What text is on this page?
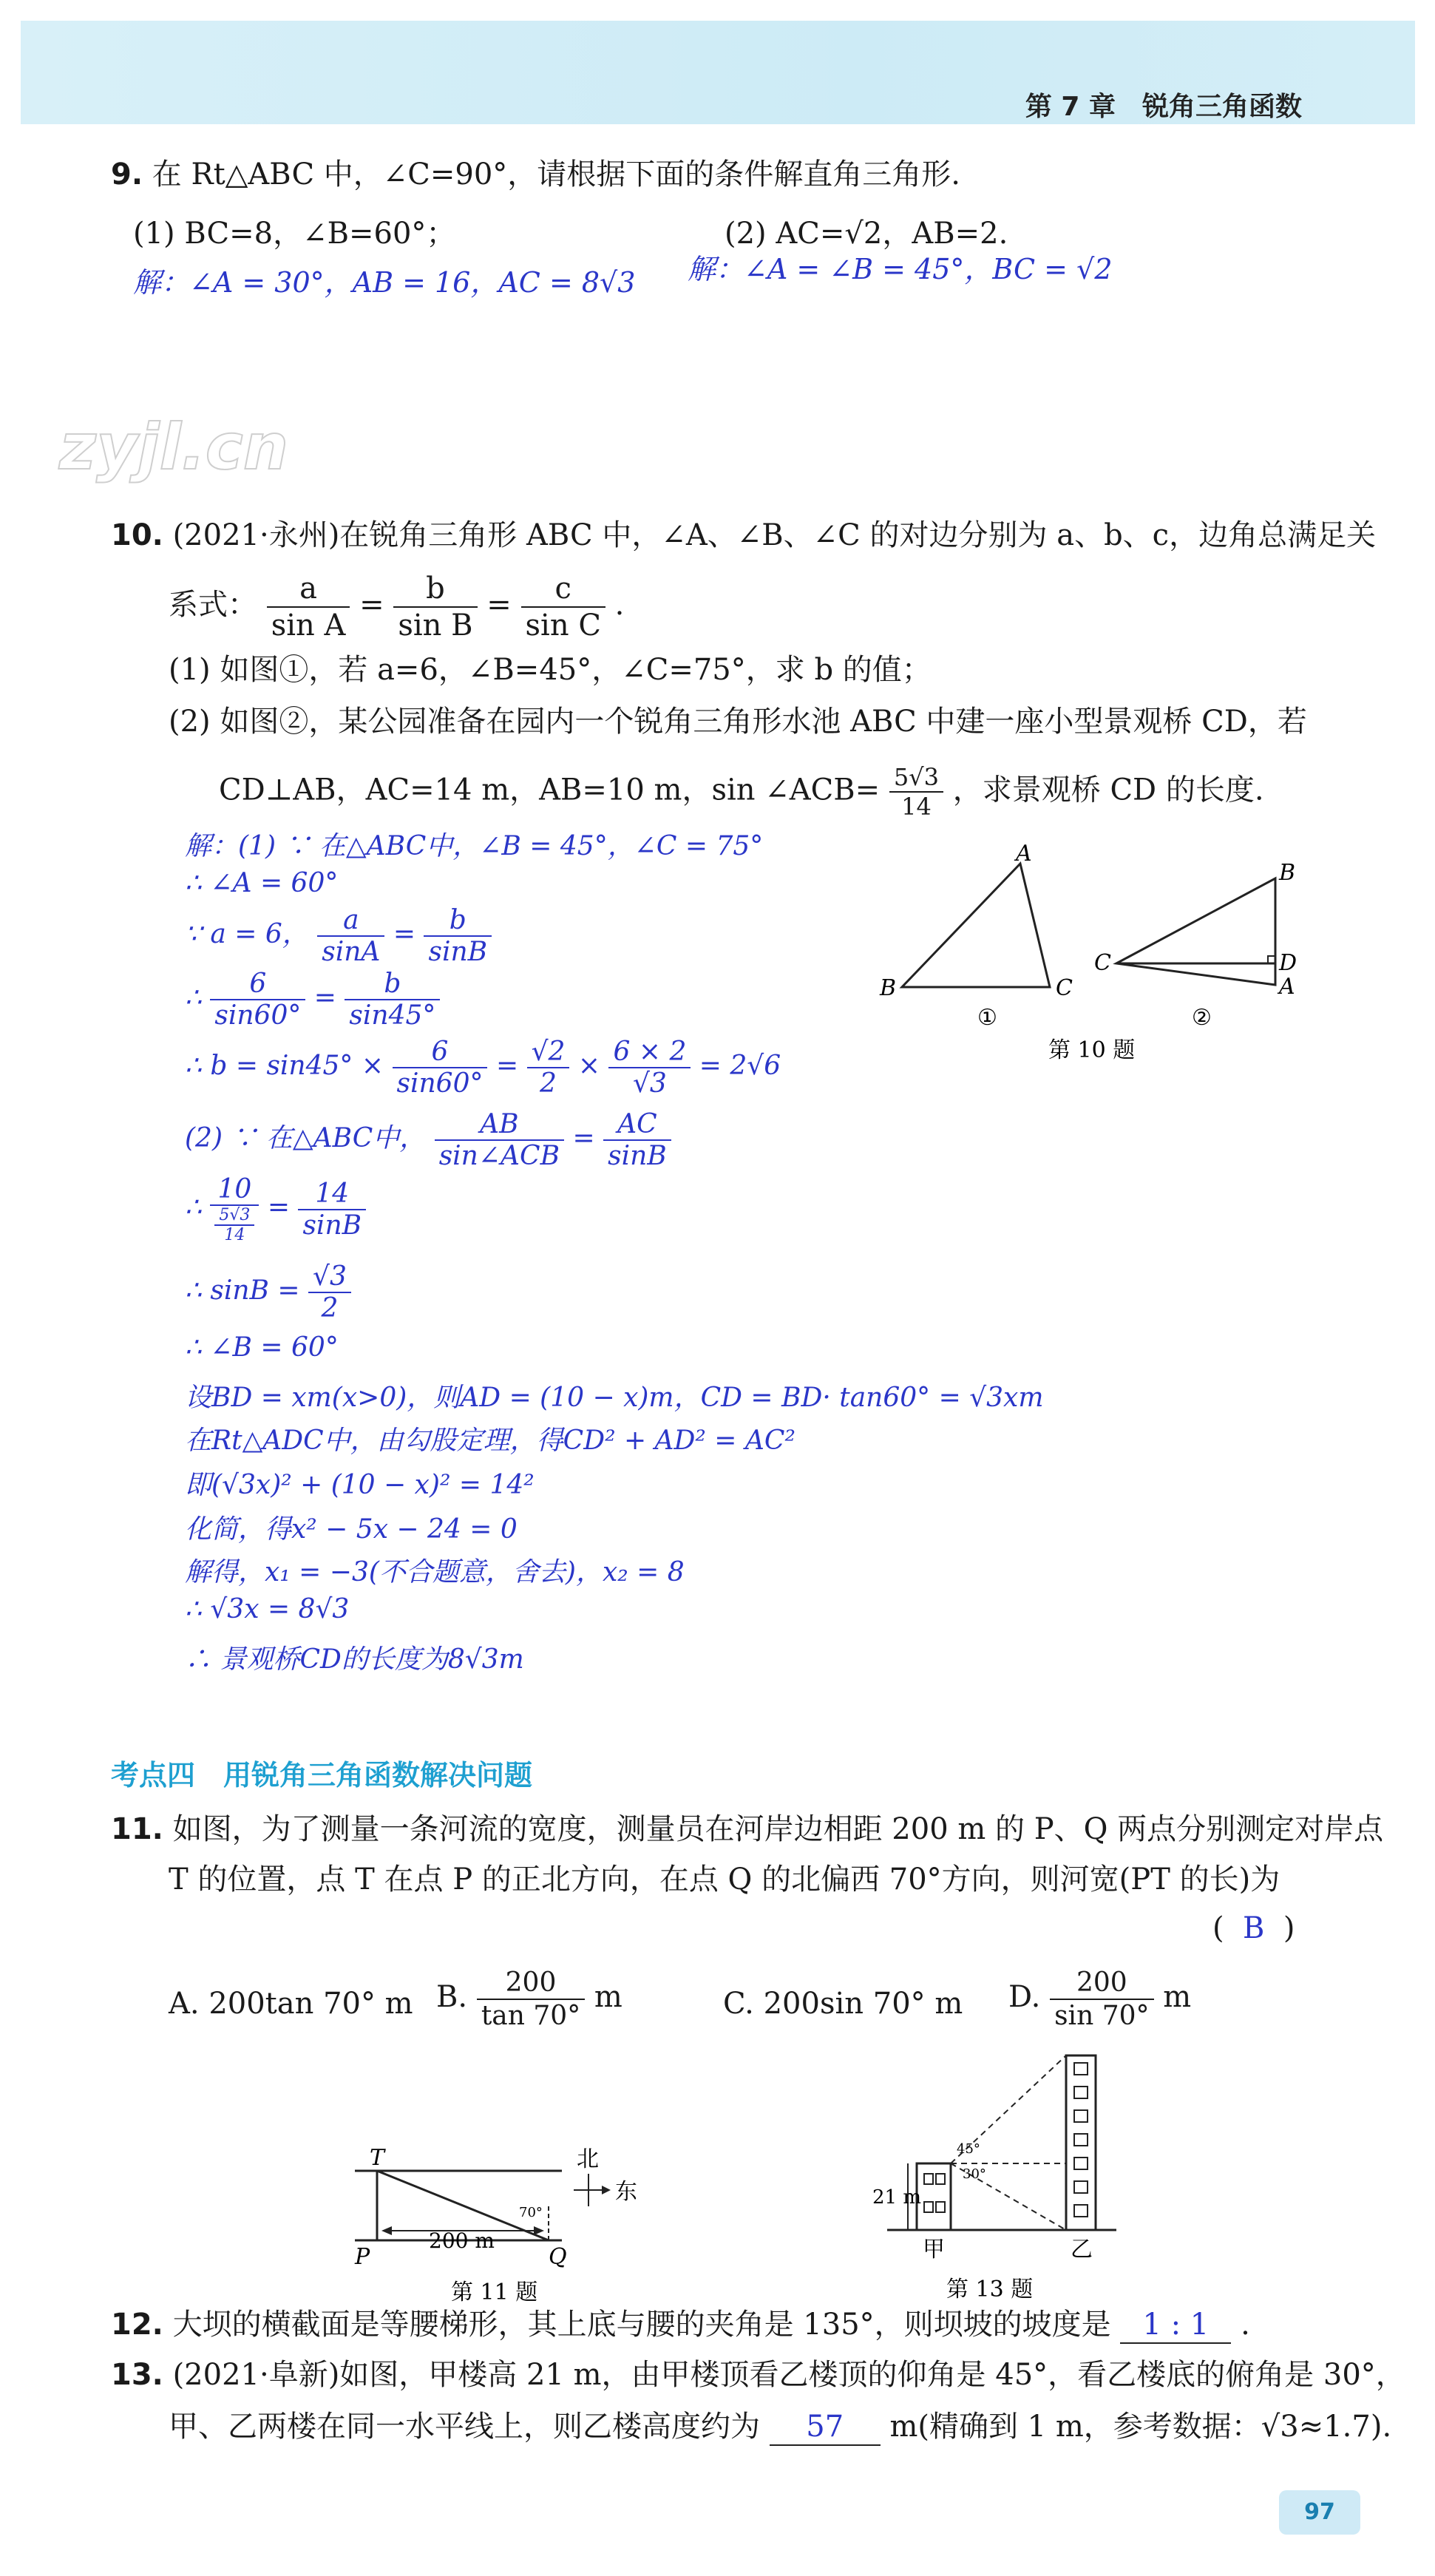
第 7 章　锐角三角函数
zyjl.cn
9. 在 Rt△ABC 中，∠C=90°，请根据下面的条件解直角三角形.
(1) BC=8，∠B=60°；	(2) AC=√2，AB=2.
解：∠A = 30°，AB = 16，AC = 8√3 解：∠A = ∠B = 45°，BC = √2
10. (2021·永州)在锐角三角形 ABC 中，∠A、∠B、∠C 的对边分别为 a、b、c，边角总满足关
系式： $\frac{a}{\text{sin A}} = \frac{b}{\text{sin B}} = \frac{c}{\text{sin C}}$ .
(1) 如图①，若 a=6，∠B=45°，∠C=75°，求 b 的值；
(2) 如图②，某公园准备在园内一个锐角三角形水池 ABC 中建一座小型景观桥 CD，若
CD⊥AB，AC=14 m，AB=10 m，sin ∠ACB= $\frac{5√3}{14}$ ，求景观桥 CD 的长度.
A
B	C
①
C
B
D
A
②
第 10 题
解：(1) ∵ 在△ABC中，∠B = 45°，∠C = 75°
∴ ∠A = 60°
∵ a = 6， $\frac{a}{\sin A} = \frac{b}{\sin B}$
∴ $\frac{6}{\sin 60^\circ} = \frac{b}{\sin 45^\circ}$
∴ $b = \sin 45^\circ \times \frac{6}{\sin 60^\circ} = \frac{√2}{2} \times \frac{6 \times 2}{√3} = 2√6$
(2) ∵ 在△ABC中， $\frac{AB}{\text{sin∠ACB}} = \frac{AC}{\sin B}$
∴ $\frac{10}{\frac{5√3}{14}} = \frac{14}{\sin B}$
∴ $\sin B = \frac{√3}{2}$
∴ ∠B = 60°
设BD = xm(x>0)，则AD = (10 − x)m，CD = BD· tan60° = √3xm
在Rt△ADC中，由勾股定理，得CD² + AD² = AC²
即(√3x)² + (10 − x)² = 14²
化简，得x² − 5x − 24 = 0
解得，x₁ = −3(不合题意，舍去)，x₂ = 8
∴ √3x = 8√3
∴ 景观桥CD的长度为8√3m
考点四　用锐角三角函数解决问题
11. 如图，为了测量一条河流的宽度，测量员在河岸边相距 200 m 的 P、Q 两点分别测定对岸点
T 的位置，点 T 在点 P 的正北方向，在点 Q 的北偏西 70°方向，则河宽(PT 的长)为
( B )
A. 200tan 70° m B. $\frac{200}{\tan 70^\circ}$ m	C. 200sin 70° m D. $\frac{200}{\sin 70^\circ}$ m
T
P	Q
200 m
70°
北
东
第 11 题
45°
30°
21 m
甲	乙
第 13 题
12. 大坝的横截面是等腰梯形，其上底与腰的夹角是 135°，则坝坡的坡度是 1 : 1 .
13. (2021·阜新)如图，甲楼高 21 m，由甲楼顶看乙楼顶的仰角是 45°，看乙楼底的俯角是 30°，
甲、乙两楼在同一水平线上，则乙楼高度约为 57 m(精确到 1 m，参考数据：√3≈1.7).
97
